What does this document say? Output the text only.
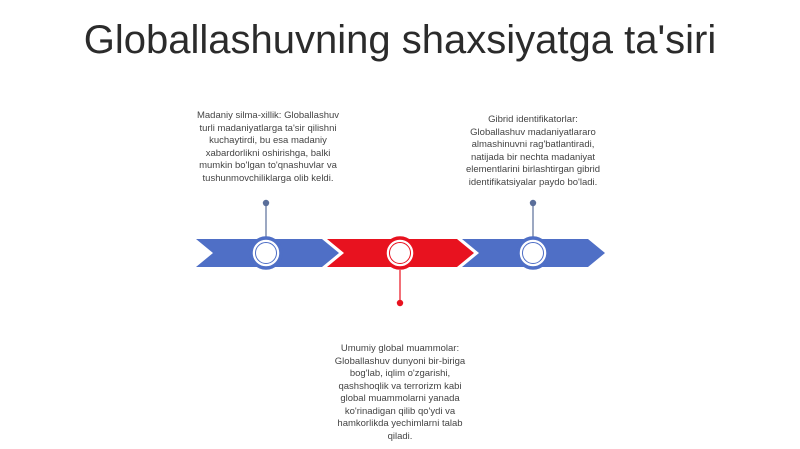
Globallashuvning shaxsiyatga ta'siri
Madaniy silma-xillik: Globallashuv turli madaniyatlarga ta'sir qilishni kuchaytirdi, bu esa madaniy xabardorlikni oshirishga, balki mumkin bo'lgan to'qnashuvlar va tushunmovchiliklarga olib keldi.
Gibrid identifikatorlar: Globallashuv madaniyatlararo almashinuvni rag'batlantiradi, natijada bir nechta madaniyat elementlarini birlashtirgan gibrid identifikatsiyalar paydo bo'ladi.
Umumiy global muammolar: Globallashuv dunyoni bir-biriga bog'lab, iqlim o'zgarishi, qashshoqlik va terrorizm kabi global muammolarni yanada ko'rinadigan qilib qo'ydi va hamkorlikda yechimlarni talab qiladi.
